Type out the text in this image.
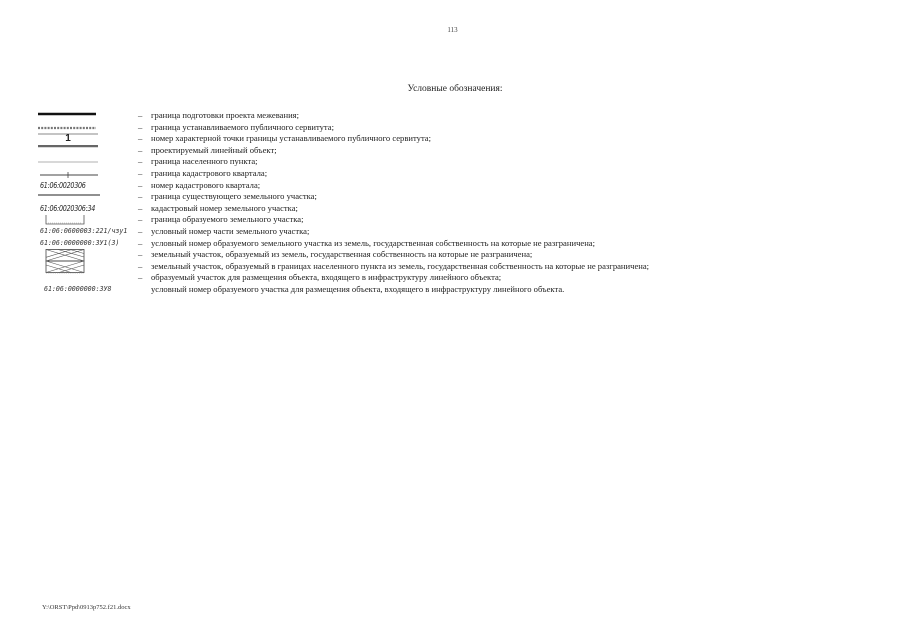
113
Условные обозначения:
– граница подготовки проекта межевания;
– граница устанавливаемого публичного сервитута;
1	– номер характерной точки границы устанавливаемого публичного сервитута;
– проектируемый линейный объект;
– граница населенного пункта;
– граница кадастрового квартала;
61:06:0020306	– номер кадастрового квартала;
– граница существующего земельного участка;
61:06:0020306:34	– кадастровый номер земельного участка;
– граница образуемого земельного участка;
61:06:0600003:221/чзу1 – условный номер части земельного участка;
61:06:0000000:ЗУ1(3) – условный номер образуемого земельного участка из земель, государственная собственность на которые не разграничена;
– земельный участок, образуемый из земель, государственная собственность на которые не разграничена;
– земельный участок, образуемый в границах населенного пункта из земель, государственная собственность на которые не разграничена;
– образуемый участок для размещения объекта, входящего в инфраструктуру линейного объекта;
61:06:0000000:ЗУ8	условный номер образуемого участка для размещения объекта, входящего в инфраструктуру линейного объекта.
Y:\ORST\Ppd\0913p752.f21.docx
